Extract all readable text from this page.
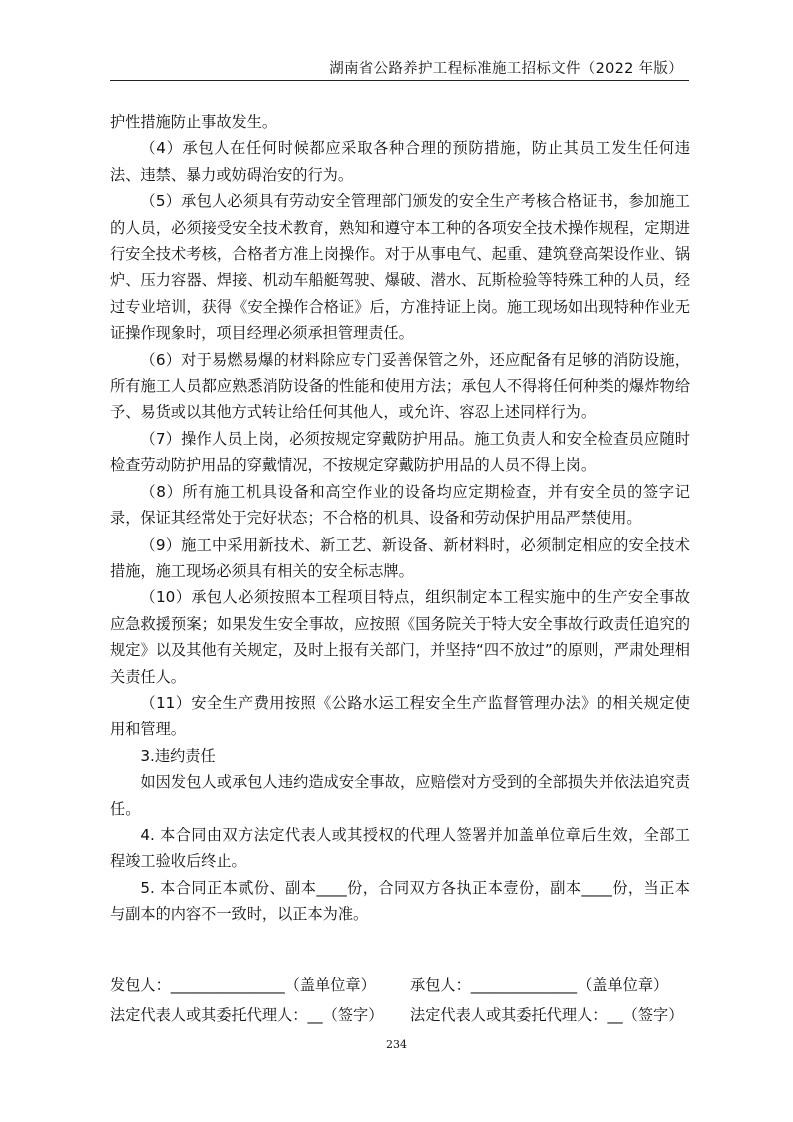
湖南省公路养护工程标准施工招标文件（2022 年版）

护性措施防止事故发生。

（4）承包人在任何时候都应采取各种合理的预防措施，防止其员工发生任何违法、违禁、暴力或妨碍治安的行为。

（5）承包人必须具有劳动安全管理部门颁发的安全生产考核合格证书，参加施工的人员，必须接受安全技术教育，熟知和遵守本工种的各项安全技术操作规程，定期进行安全技术考核，合格者方准上岗操作。对于从事电气、起重、建筑登高架设作业、锅炉、压力容器、焊接、机动车船艇驾驶、爆破、潜水、瓦斯检验等特殊工种的人员，经过专业培训，获得《安全操作合格证》后，方准持证上岗。施工现场如出现特种作业无证操作现象时，项目经理必须承担管理责任。

（6）对于易燃易爆的材料除应专门妥善保管之外，还应配备有足够的消防设施，所有施工人员都应熟悉消防设备的性能和使用方法；承包人不得将任何种类的爆炸物给予、易货或以其他方式转让给任何其他人，或允许、容忍上述同样行为。

（7）操作人员上岗，必须按规定穿戴防护用品。施工负责人和安全检查员应随时检查劳动防护用品的穿戴情况，不按规定穿戴防护用品的人员不得上岗。

（8）所有施工机具设备和高空作业的设备均应定期检查，并有安全员的签字记录，保证其经常处于完好状态；不合格的机具、设备和劳动保护用品严禁使用。

（9）施工中采用新技术、新工艺、新设备、新材料时，必须制定相应的安全技术措施，施工现场必须具有相关的安全标志牌。

（10）承包人必须按照本工程项目特点，组织制定本工程实施中的生产安全事故应急救援预案；如果发生安全事故，应按照《国务院关于特大安全事故行政责任追究的规定》以及其他有关规定，及时上报有关部门，并坚持“四不放过”的原则，严肃处理相关责任人。

（11）安全生产费用按照《公路水运工程安全生产监督管理办法》的相关规定使用和管理。

3.违约责任

如因发包人或承包人违约造成安全事故，应赔偿对方受到的全部损失并依法追究责任。

4. 本合同由双方法定代表人或其授权的代理人签署并加盖单位章后生效，全部工程竣工验收后终止。

5. 本合同正本贰份、副本____份，合同双方各执正本壹份，副本____份，当正本与副本的内容不一致时，以正本为准。

发包人：_______________（盖单位章） 承包人：______________（盖单位章）
法定代表人或其委托代理人：__（签字） 法定代表人或其委托代理人：__（签字）
234
